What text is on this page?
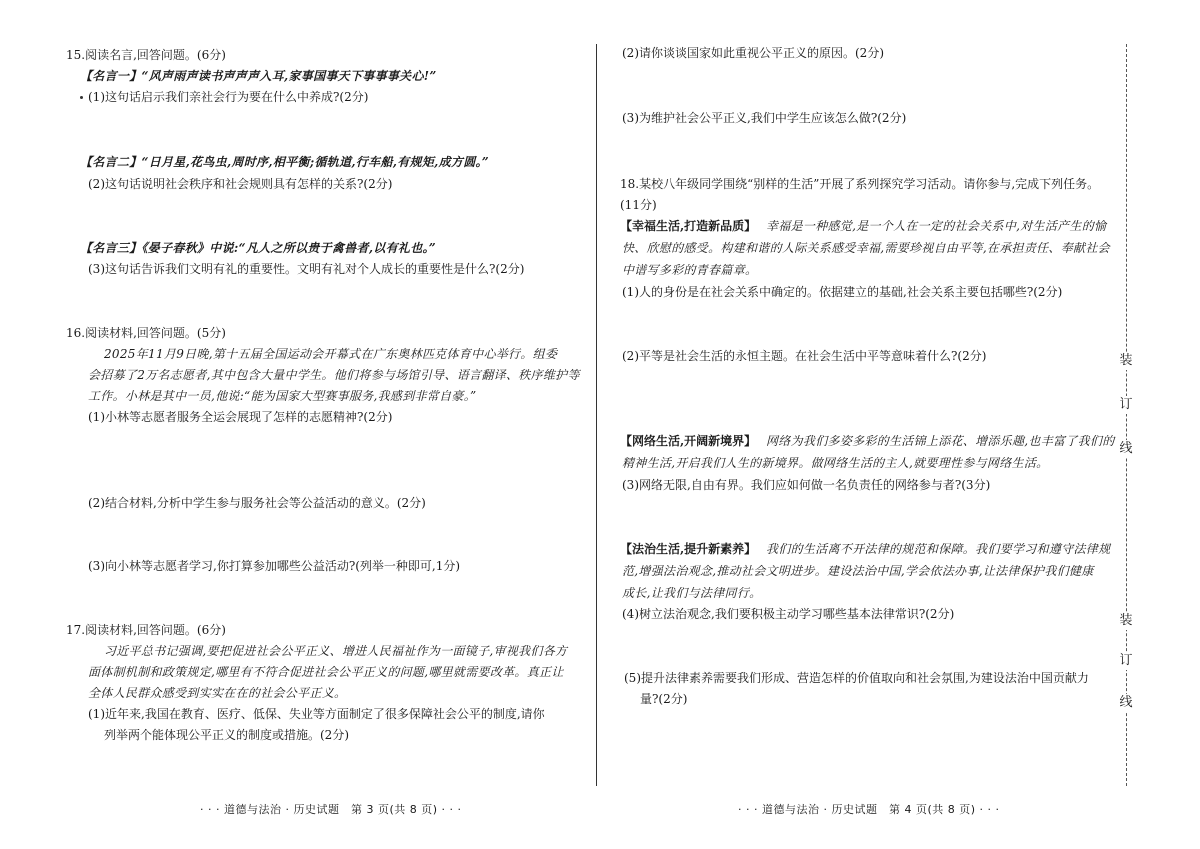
15.阅读名言,回答问题。(6分)

【名言一】“风声雨声读书声声声入耳,家事国事天下事事事关心!”

(1)这句话启示我们亲社会行为要在什么中养成?(2分)

【名言二】“日月星,花鸟虫,周时序,相平衡;循轨道,行车船,有规矩,成方圆。”

(2)这句话说明社会秩序和社会规则具有怎样的关系?(2分)

【名言三】《晏子春秋》中说:“凡人之所以贵于禽兽者,以有礼也。”

(3)这句话告诉我们文明有礼的重要性。文明有礼对个人成长的重要性是什么?(2分)

16.阅读材料,回答问题。(5分)

2025年11月9日晚,第十五届全国运动会开幕式在广东奥林匹克体育中心举行。组委

会招募了2万名志愿者,其中包含大量中学生。他们将参与场馆引导、语言翻译、秩序维护等

工作。小林是其中一员,他说:“能为国家大型赛事服务,我感到非常自豪。”

(1)小林等志愿者服务全运会展现了怎样的志愿精神?(2分)

(2)结合材料,分析中学生参与服务社会等公益活动的意义。(2分)

(3)向小林等志愿者学习,你打算参加哪些公益活动?(列举一种即可,1分)

17.阅读材料,回答问题。(6分)

习近平总书记强调,要把促进社会公平正义、增进人民福祉作为一面镜子,审视我们各方

面体制机制和政策规定,哪里有不符合促进社会公平正义的问题,哪里就需要改革。真正让

全体人民群众感受到实实在在的社会公平正义。

(1)近年来,我国在教育、医疗、低保、失业等方面制定了很多保障社会公平的制度,请你

列举两个能体现公平正义的制度或措施。(2分)

· · · 道德与法治 · 历史试题　第 3 页(共 8 页) · · ·

(2)请你谈谈国家如此重视公平正义的原因。(2分)

(3)为维护社会公平正义,我们中学生应该怎么做?(2分)

18.某校八年级同学围绕“别样的生活”开展了系列探究学习活动。请你参与,完成下列任务。

(11分)

【幸福生活,打造新品质】 幸福是一种感觉,是一个人在一定的社会关系中,对生活产生的愉

快、欣慰的感受。构建和谐的人际关系感受幸福,需要珍视自由平等,在承担责任、奉献社会

中谱写多彩的青春篇章。

(1)人的身份是在社会关系中确定的。依据建立的基础,社会关系主要包括哪些?(2分)

(2)平等是社会生活的永恒主题。在社会生活中平等意味着什么?(2分)

【网络生活,开阔新境界】 网络为我们多姿多彩的生活锦上添花、增添乐趣,也丰富了我们的

精神生活,开启我们人生的新境界。做网络生活的主人,就要理性参与网络生活。

(3)网络无限,自由有界。我们应如何做一名负责任的网络参与者?(3分)

【法治生活,提升新素养】 我们的生活离不开法律的规范和保障。我们要学习和遵守法律规

范,增强法治观念,推动社会文明进步。建设法治中国,学会依法办事,让法律保护我们健康

成长,让我们与法律同行。

(4)树立法治观念,我们要积极主动学习哪些基本法律常识?(2分)

(5)提升法律素养需要我们形成、营造怎样的价值取向和社会氛围,为建设法治中国贡献力

量?(2分)

· · · 道德与法治 · 历史试题　第 4 页(共 8 页) · · ·

装
订
线
装
订
线
